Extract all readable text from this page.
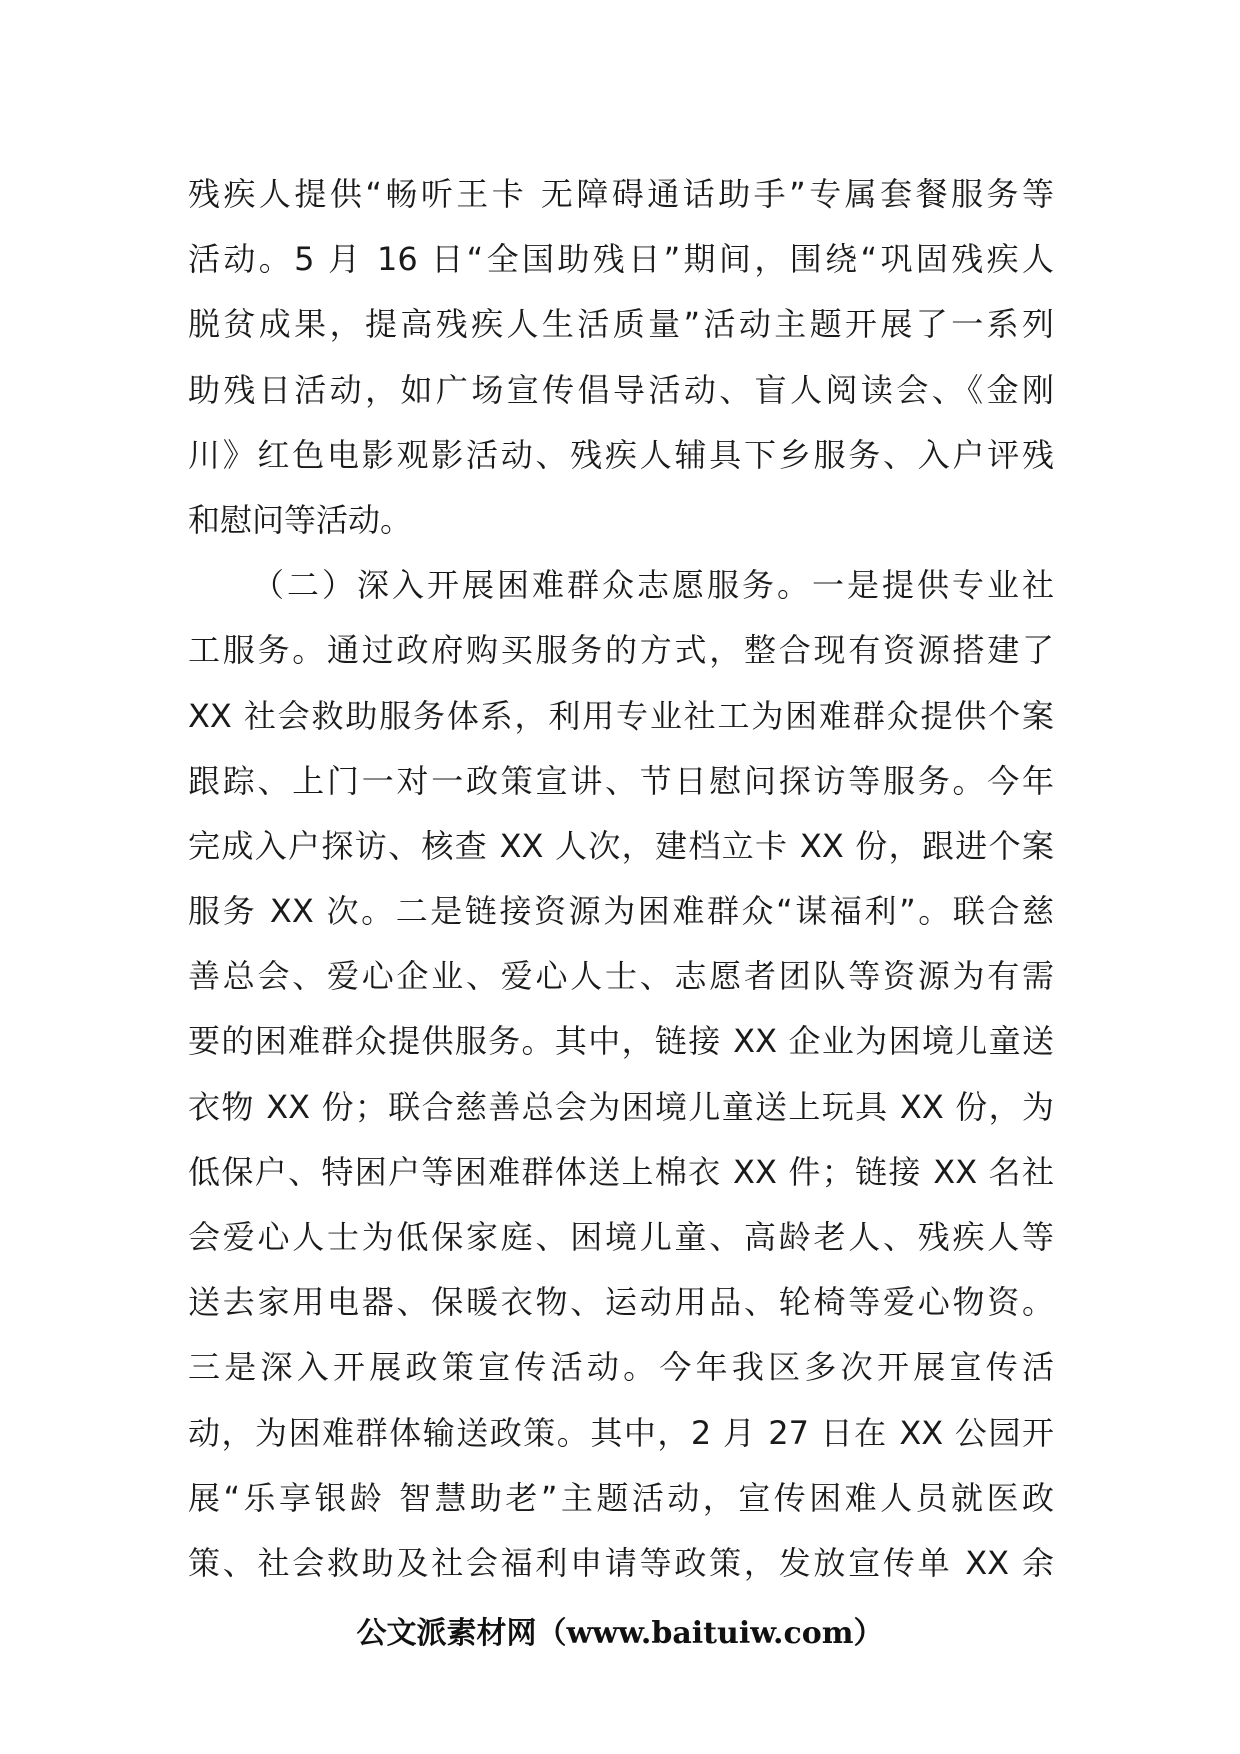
残疾人提供“畅听王卡 无障碍通话助手”专属套餐服务等
活动。5 月 16 日“全国助残日”期间，围绕“巩固残疾人
脱贫成果，提高残疾人生活质量”活动主题开展了一系列
助残日活动，如广场宣传倡导活动、盲人阅读会、《金刚
川》红色电影观影活动、残疾人辅具下乡服务、入户评残
和慰问等活动。
（二）深入开展困难群众志愿服务。一是提供专业社
工服务。通过政府购买服务的方式，整合现有资源搭建了
XX 社会救助服务体系，利用专业社工为困难群众提供个案
跟踪、上门一对一政策宣讲、节日慰问探访等服务。今年
完成入户探访、核查 XX 人次，建档立卡 XX 份，跟进个案
服务 XX 次。二是链接资源为困难群众“谋福利”。联合慈
善总会、爱心企业、爱心人士、志愿者团队等资源为有需
要的困难群众提供服务。其中，链接 XX 企业为困境儿童送
衣物 XX 份；联合慈善总会为困境儿童送上玩具 XX 份，为
低保户、特困户等困难群体送上棉衣 XX 件；链接 XX 名社
会爱心人士为低保家庭、困境儿童、高龄老人、残疾人等
送去家用电器、保暖衣物、运动用品、轮椅等爱心物资。
三是深入开展政策宣传活动。今年我区多次开展宣传活
动，为困难群体输送政策。其中，2 月 27 日在 XX 公园开
展“乐享银龄 智慧助老”主题活动，宣传困难人员就医政
策、社会救助及社会福利申请等政策，发放宣传单 XX 余
公文派素材网（www.baituiw.com）
